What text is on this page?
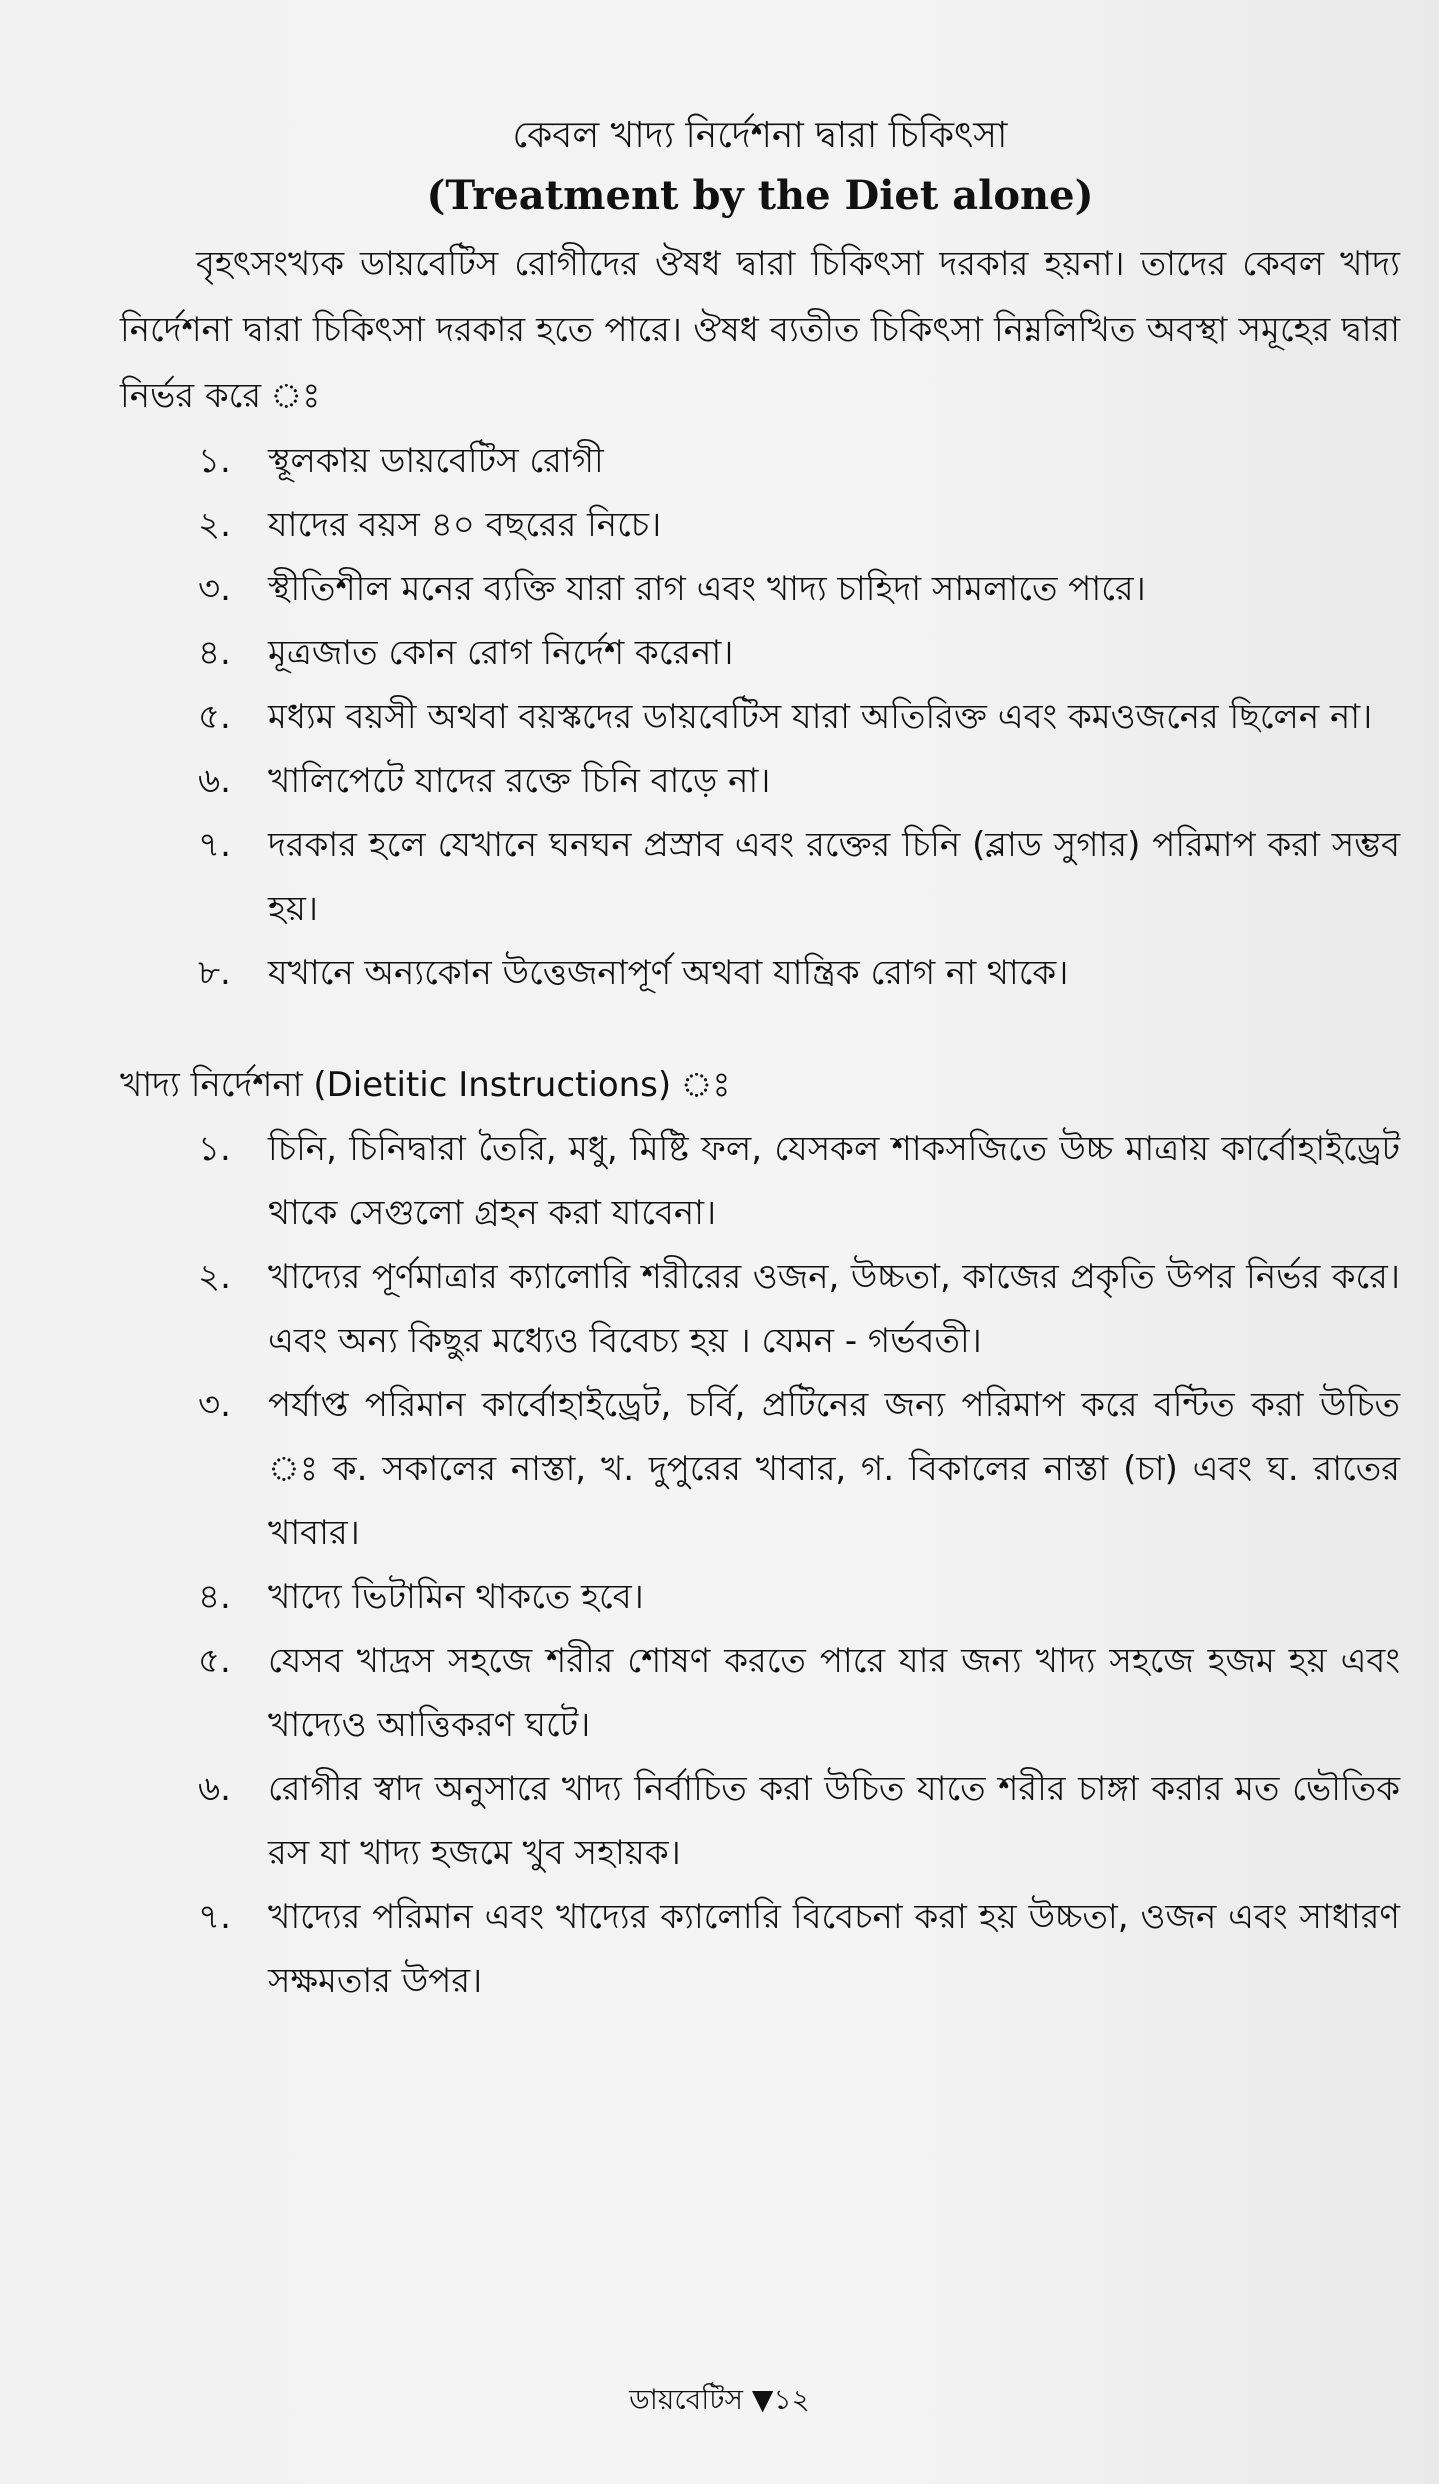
কেবল খাদ্য নির্দেশনা দ্বারা চিকিৎসা
(Treatment by the Diet alone)

বৃহৎসংখ্যক ডায়বেটিস রোগীদের ঔষধ দ্বারা চিকিৎসা দরকার হয়না। তাদের কেবল খাদ্য নির্দেশনা দ্বারা চিকিৎসা দরকার হতে পারে। ঔষধ ব্যতীত চিকিৎসা নিম্নলিখিত অবস্থা সমূহের দ্বারা নির্ভর করে ঃ

১. স্থূলকায় ডায়বেটিস রোগী
২. যাদের বয়স ৪০ বছরের নিচে।
৩. স্থীতিশীল মনের ব্যক্তি যারা রাগ এবং খাদ্য চাহিদা সামলাতে পারে।
৪. মূত্রজাত কোন রোগ নির্দেশ করেনা।
৫. মধ্যম বয়সী অথবা বয়স্কদের ডায়বেটিস যারা অতিরিক্ত এবং কমওজনের ছিলেন না।
৬. খালিপেটে যাদের রক্তে চিনি বাড়ে না।
৭. দরকার হলে যেখানে ঘনঘন প্রস্রাব এবং রক্তের চিনি (ব্লাড সুগার) পরিমাপ করা সম্ভব হয়।
৮. যখানে অন্যকোন উত্তেজনাপূর্ণ অথবা যান্ত্রিক রোগ না থাকে।
খাদ্য নির্দেশনা (Dietitic Instructions) ঃ
১. চিনি, চিনিদ্বারা তৈরি, মধু, মিষ্টি ফল, যেসকল শাকসজিতে উচ্চ মাত্রায় কার্বোহাইড্রেট থাকে সেগুলো গ্রহন করা যাবেনা।
২. খাদ্যের পূর্ণমাত্রার ক্যালোরি শরীরের ওজন, উচ্চতা, কাজের প্রকৃতি উপর নির্ভর করে। এবং অন্য কিছুর মধ্যেও বিবেচ্য হয় । যেমন - গর্ভবতী।
৩. পর্যাপ্ত পরিমান কার্বোহাইড্রেট, চর্বি, প্রটিনের জন্য পরিমাপ করে বন্টিত করা উচিত ঃ ক. সকালের নাস্তা, খ. দুপুরের খাবার, গ. বিকালের নাস্তা (চা) এবং ঘ. রাতের খাবার।
৪. খাদ্যে ভিটামিন থাকতে হবে।
৫. যেসব খাদ্রস সহজে শরীর শোষণ করতে পারে যার জন্য খাদ্য সহজে হজম হয় এবং খাদ্যেও আত্তিকরণ ঘটে।
৬. রোগীর স্বাদ অনুসারে খাদ্য নির্বাচিত করা উচিত যাতে শরীর চাঙ্গা করার মত ভৌতিক রস যা খাদ্য হজমে খুব সহায়ক।
৭. খাদ্যের পরিমান এবং খাদ্যের ক্যালোরি বিবেচনা করা হয় উচ্চতা, ওজন এবং সাধারণ সক্ষমতার উপর।
ডায়বেটিস ▼১২
